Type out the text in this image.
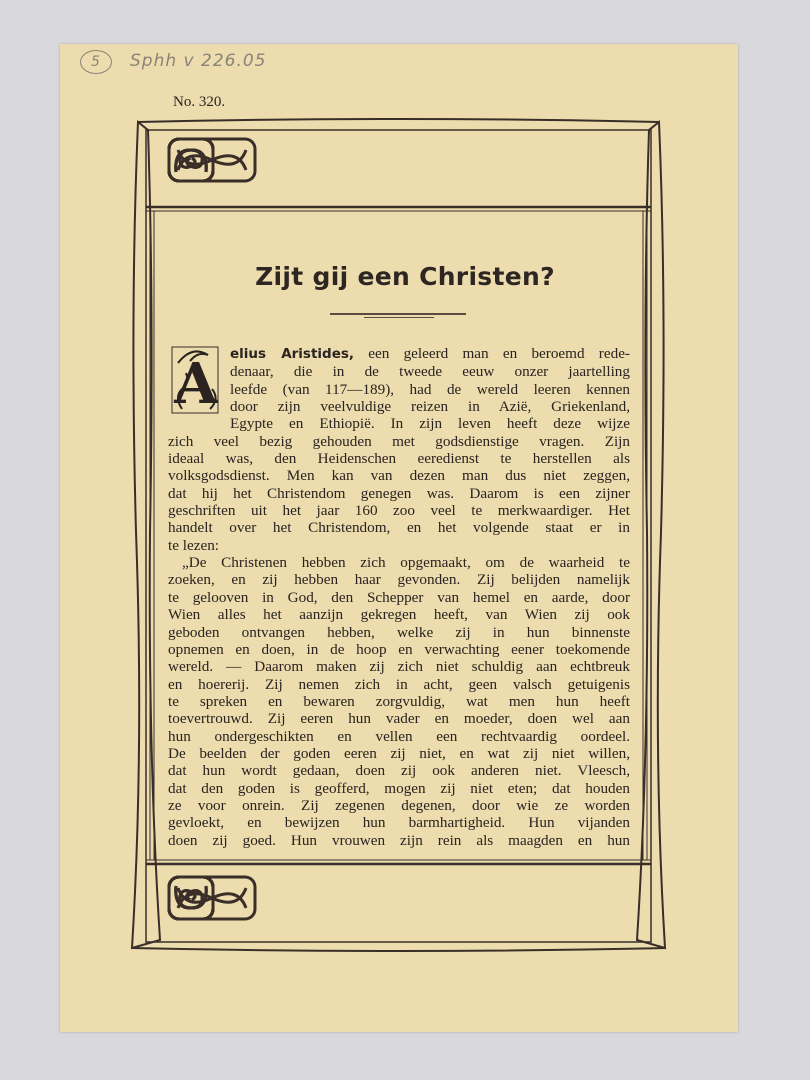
5 Sphh v 226.05
No. 320.
Zijt gij een Christen?
A elius Aristides, een geleerd man en beroemd rede-
denaar, die in de tweede eeuw onzer jaartelling
leefde (van 117—189), had de wereld leeren kennen
door zijn veelvuldige reizen in Azië, Griekenland,
Egypte en Ethiopië. In zijn leven heeft deze wijze
zich veel bezig gehouden met godsdienstige vragen. Zijn
ideaal was, den Heidenschen eeredienst te herstellen als
volksgodsdienst. Men kan van dezen man dus niet zeggen,
dat hij het Christendom genegen was. Daarom is een zijner
geschriften uit het jaar 160 zoo veel te merkwaardiger. Het
handelt over het Christendom, en het volgende staat er in
te lezen:
„De Christenen hebben zich opgemaakt, om de waarheid te
zoeken, en zij hebben haar gevonden. Zij belijden namelijk
te gelooven in God, den Schepper van hemel en aarde, door
Wien alles het aanzijn gekregen heeft, van Wien zij ook
geboden ontvangen hebben, welke zij in hun binnenste
opnemen en doen, in de hoop en verwachting eener toekomende
wereld. — Daarom maken zij zich niet schuldig aan echtbreuk
en hoererij. Zij nemen zich in acht, geen valsch getuigenis
te spreken en bewaren zorgvuldig, wat men hun heeft
toevertrouwd. Zij eeren hun vader en moeder, doen wel aan
hun ondergeschikten en vellen een rechtvaardig oordeel.
De beelden der goden eeren zij niet, en wat zij niet willen,
dat hun wordt gedaan, doen zij ook anderen niet. Vleesch,
dat den goden is geofferd, mogen zij niet eten; dat houden
ze voor onrein. Zij zegenen degenen, door wie ze worden
gevloekt, en bewijzen hun barmhartigheid. Hun vijanden
doen zij goed. Hun vrouwen zijn rein als maagden en hun
